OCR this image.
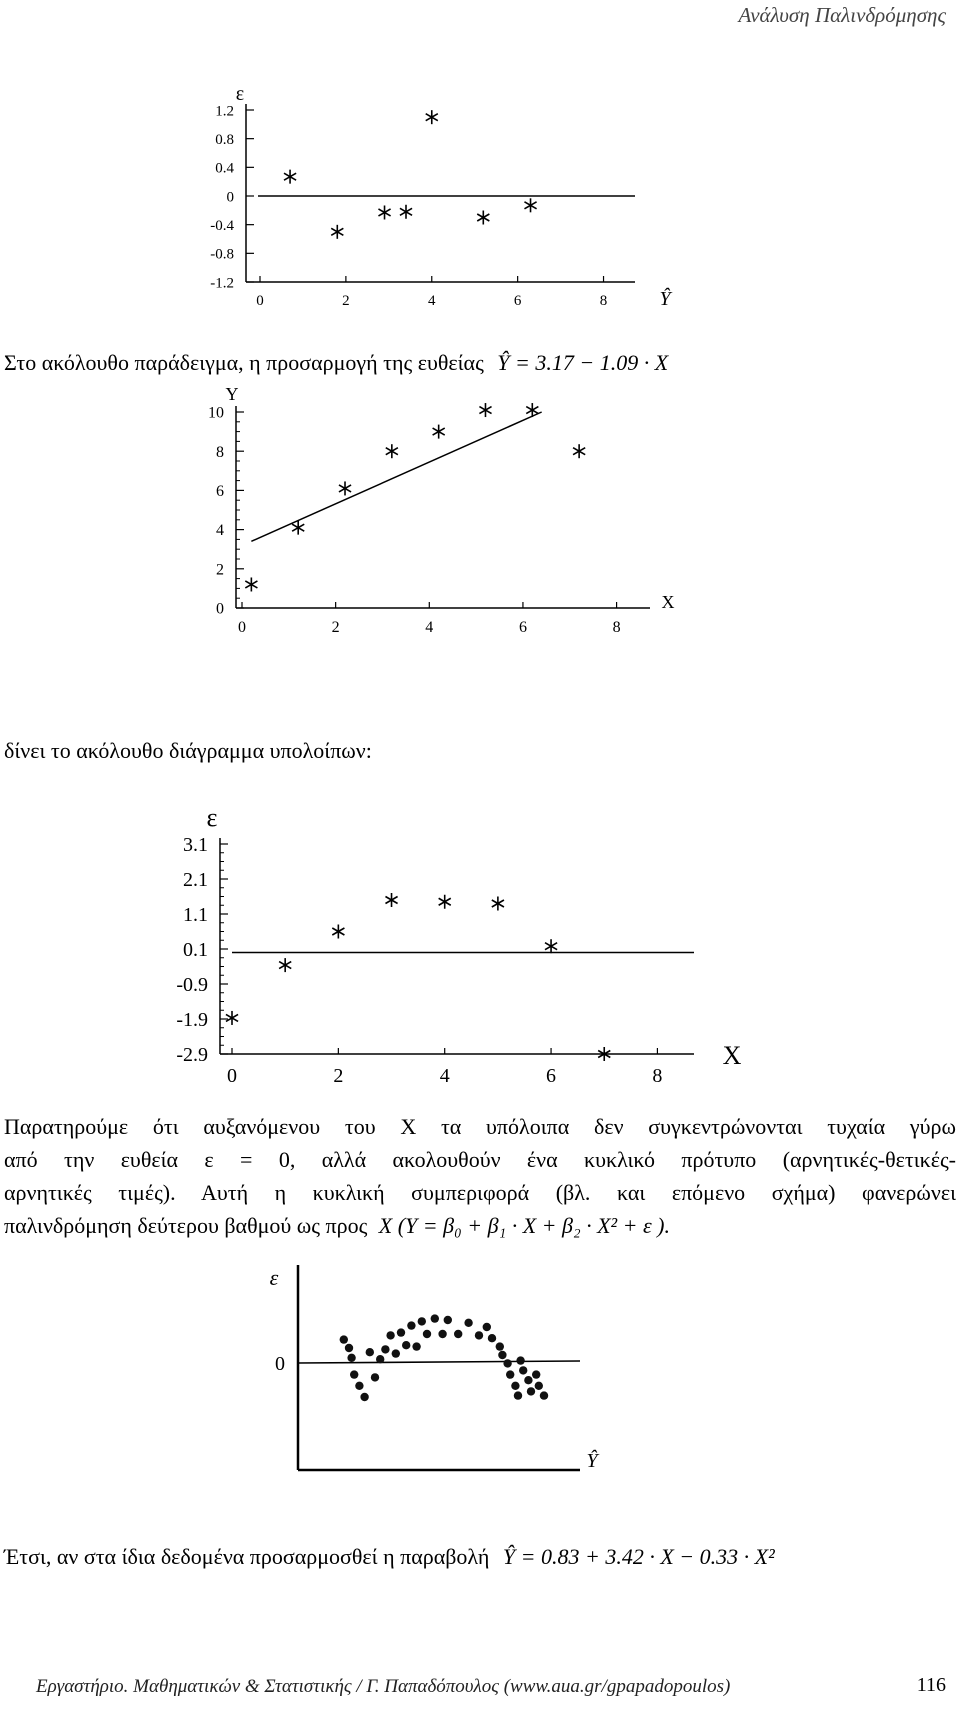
Ανάλυση Παλινδρόμησης
1.2
0.8
0.4
0
-0.4
-0.8
-1.2
0	2	4	6	8
ε
Ŷ
Στο ακόλουθο παράδειγμα, η προσαρμογή της ευθείας Ŷ = 3.17 − 1.09 · X
10
8
6
4
2
0
0	2	4	6	8
Y
X
δίνει το ακόλουθο διάγραμμα υπολοίπων:
3.1
2.1
1.1
0.1
-0.9
-1.9
-2.9
0	2	4	6	8
ε
X
Παρατηρούμε ότι αυξανόμενου του X τα υπόλοιπα δεν συγκεντρώνονται τυχαία γύρω
από την ευθεία ε = 0, αλλά ακολουθούν ένα κυκλικό πρότυπο (αρνητικές-θετικές-
αρνητικές τιμές). Αυτή η κυκλική συμπεριφορά (βλ. και επόμενο σχήμα) φανερώνει
παλινδρόμηση δεύτερου βαθμού ως προς X (Y = β₀ + β₁ · X + β₂ · X² + ε ).
ε
0
Ŷ
Έτσι, αν στα ίδια δεδομένα προσαρμοσθεί η παραβολή Ŷ = 0.83 + 3.42 · X − 0.33 · X²
Εργαστήριο. Μαθηματικών & Στατιστικής / Γ. Παπαδόπουλος (www.aua.gr/gpapadopoulos)	116
